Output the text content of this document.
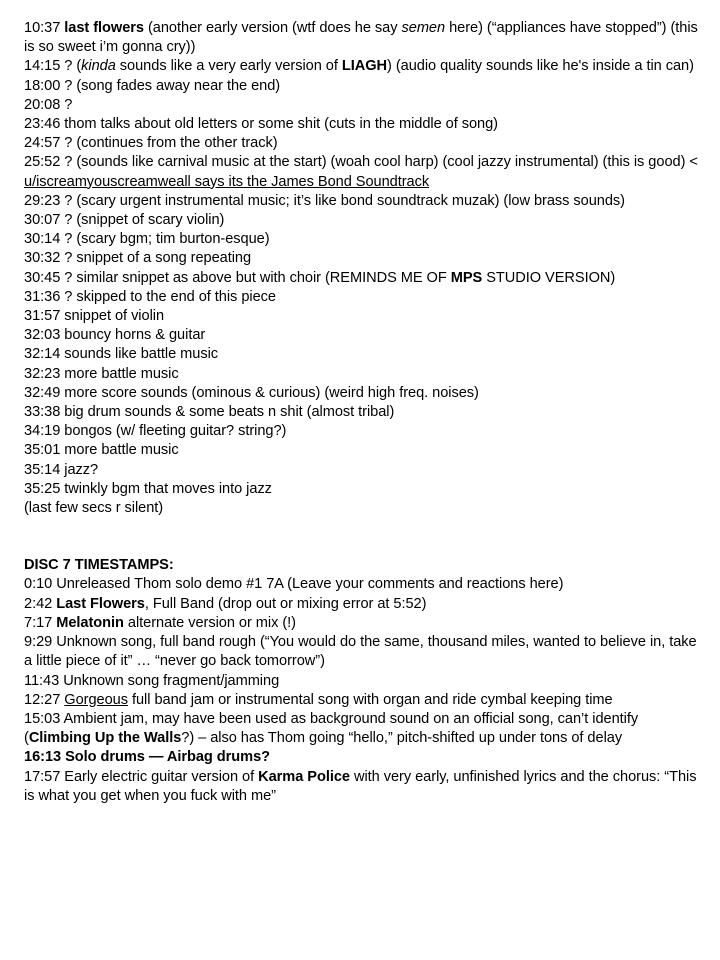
10:37 last flowers (another early version (wtf does he say semen here) (“appliances have stopped”) (this is so sweet i’m gonna cry))
14:15 ? (kinda sounds like a very early version of LIAGH) (audio quality sounds like he's inside a tin can)
18:00 ? (song fades away near the end)
20:08 ?
23:46 thom talks about old letters or some shit (cuts in the middle of song)
24:57 ? (continues from the other track)
25:52 ? (sounds like carnival music at the start) (woah cool harp) (cool jazzy instrumental) (this is good) < u/iscreamyouscreamweall says its the James Bond Soundtrack
29:23 ? (scary urgent instrumental music; it’s like bond soundtrack muzak) (low brass sounds)
30:07 ? (snippet of scary violin)
30:14 ? (scary bgm; tim burton-esque)
30:32 ? snippet of a song repeating
30:45 ? similar snippet as above but with choir (REMINDS ME OF MPS STUDIO VERSION)
31:36 ? skipped to the end of this piece
31:57 snippet of violin
32:03 bouncy horns & guitar
32:14 sounds like battle music
32:23 more battle music
32:49 more score sounds (ominous & curious) (weird high freq. noises)
33:38 big drum sounds & some beats n shit (almost tribal)
34:19 bongos (w/ fleeting guitar? string?)
35:01 more battle music
35:14 jazz?
35:25 twinkly bgm that moves into jazz
(last few secs r silent)
DISC 7 TIMESTAMPS:
0:10 Unreleased Thom solo demo #1 7A (Leave your comments and reactions here)
2:42 Last Flowers, Full Band (drop out or mixing error at 5:52)
7:17 Melatonin alternate version or mix (!)
9:29 Unknown song, full band rough (“You would do the same, thousand miles, wanted to believe in, take a little piece of it” … “never go back tomorrow”)
11:43 Unknown song fragment/jamming
12:27 Gorgeous full band jam or instrumental song with organ and ride cymbal keeping time
15:03 Ambient jam, may have been used as background sound on an official song, can’t identify (Climbing Up the Walls?) – also has Thom going “hello,” pitch-shifted up under tons of delay
16:13 Solo drums — Airbag drums?
17:57 Early electric guitar version of Karma Police with very early, unfinished lyrics and the chorus: “This is what you get when you fuck with me”
